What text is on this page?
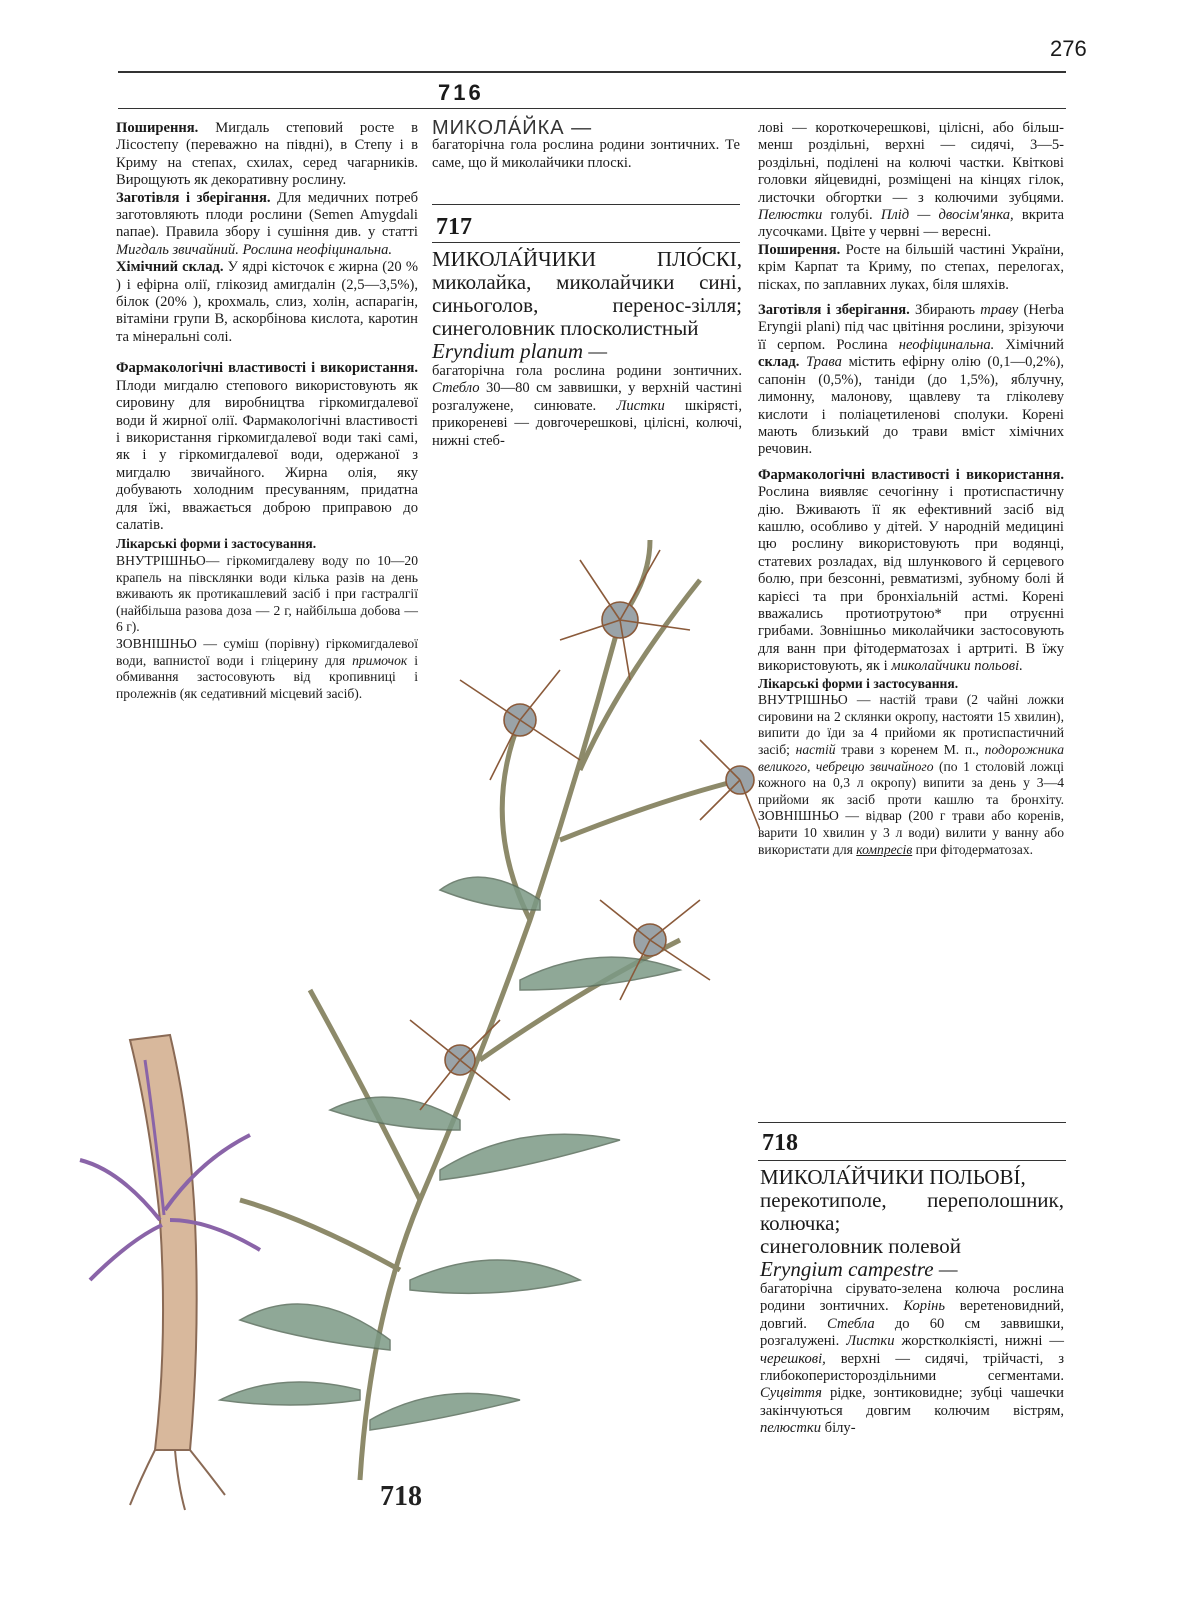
276
716

Поширення. Мигдаль степовий росте в Лісостепу (переважно на півдні), в Степу і в Криму на степах, схилах, серед чагарників. Вирощують як декоративну рослину.

Заготівля і зберігання. Для медичних потреб заготовляють плоди рослини (Semen Amygdali naпае). Правила збору і сушіння див. у статті Мигдаль звичайний. Рослина неофіцинальна.

Хімічний склад. У ядрі кісточок є жирна (20 % ) і ефірна олії, глікозид амигдалін (2,5—3,5%), білок (20% ), крохмаль, слиз, холін, аспарагін, вітаміни групи В, аскорбінова кислота, каротин та мінеральні солі.

Фармакологічні властивості і використання. Плоди мигдалю степового використовують як сировину для виробництва гіркомигдалевої води й жирної олії. Фармакологічні властивості і використання гіркомигдалевої води такі самі, як і у гіркомигдалевої води, одержаної з мигдалю звичайного. Жирна олія, яку добувають холодним пресуванням, придатна для їжі, вважається доброю приправою до салатів.

Лікарські форми і застосування.
ВНУТРІШНЬО— гіркомигдалеву воду по 10—20 крапель на півсклянки води кілька разів на день вживають як протикашлевий засіб і при гастралгії (найбільша разова доза — 2 г, найбільша добова — 6 г).
ЗОВНІШНЬО — суміш (порівну) гіркомигдалевої води, вапнистої води і гліцерину для примочок і обмивання застосовують від кропивниці і пролежнів (як седативний місцевий засіб).
МИКОЛА́ЙКА —
багаторічна гола рослина родини зонтичних. Те саме, що й миколайчики плоскі.
717
МИКОЛА́ЙЧИКИ ПЛО́СКІ,
миколайка, миколайчики сині, синьоголов, перенос-зілля; синеголовник плосколистный
Eryndium planum —
багаторічна гола рослина родини зонтичних. Стебло 30—80 см заввишки, у верхній частині розгалужене, синювате. Листки шкірясті, прикореневі — довгочерешкові, цілісні, колючі, нижні стеб-

лові — короткочерешкові, цілісні, або більш-менш роздільні, верхні — сидячі, 3—5-роздільні, поділені на колючі частки. Квіткові головки яйцевидні, розміщені на кінцях гілок, листочки обгортки — з колючими зубцями. Пелюстки голубі. Плід — двосім'янка, вкрита лусочками. Цвіте у червні — вересні.

Поширення. Росте на більшій частині України, крім Карпат та Криму, по степах, перелогах, пісках, по заплавних луках, біля шляхів.

Заготівля і зберігання. Збирають траву (Herba Eryngii plani) під час цвітіння рослини, зрізуючи її серпом. Рослина неофіцинальна. Хімічний склад. Трава містить ефірну олію (0,1—0,2%), сапонін (0,5%), таніди (до 1,5%), яблучну, лимонну, малонову, щавлеву та гліколеву кислоти і поліацетиленові сполуки. Корені мають близький до трави вміст хімічних речовин.

Фармакологічні властивості і використання. Рослина виявляє сечогінну і протиспастичну дію. Вживають її як ефективний засіб від кашлю, особливо у дітей. У народній медицині цю рослину використовують при водянці, статевих розладах, від шлункового й серцевого болю, при безсонні, ревматизмі, зубному болі й карієсі та при бронхіальній астмі. Корені вважались протиотрутою* при отруєнні грибами. Зовнішньо миколайчики застосовують для ванн при фітодерматозах і артриті. В їжу використовують, як і миколайчики польові.

Лікарські форми і застосування.
ВНУТРІШНЬО — настій трави (2 чайні ложки сировини на 2 склянки окропу, настояти 15 хвилин), випити до їди за 4 прийоми як протиспастичний засіб; настій трави з коренем М. п., подорожника великого, чебрецю звичайного (по 1 столовій ложці кожного на 0,3 л окропу) випити за день у 3—4 прийоми як засіб проти кашлю та бронхіту. ЗОВНІШНЬО — відвар (200 г трави або коренів, варити 10 хвилин у 3 л води) вилити у ванну або використати для компресів при фітодерматозах.
718
МИКОЛА́ЙЧИКИ ПОЛЬОВІ́,
перекотиполе, переполошник, колючка;
синеголовник полевой
Eryngium campestre —
багаторічна сірувато-зелена колюча рослина родини зонтичних. Корінь веретеновидний, довгий. Стебла до 60 см заввишки, розгалужені. Листки жорстколкіясті, нижні — черешкові, верхні — сидячі, трійчасті, з глибокоперистороздільними сегментами. Суцвіття рідке, зонтиковидне; зубці чашечки закінчуються довгим колючим вістрям, пелюстки білу-
718
